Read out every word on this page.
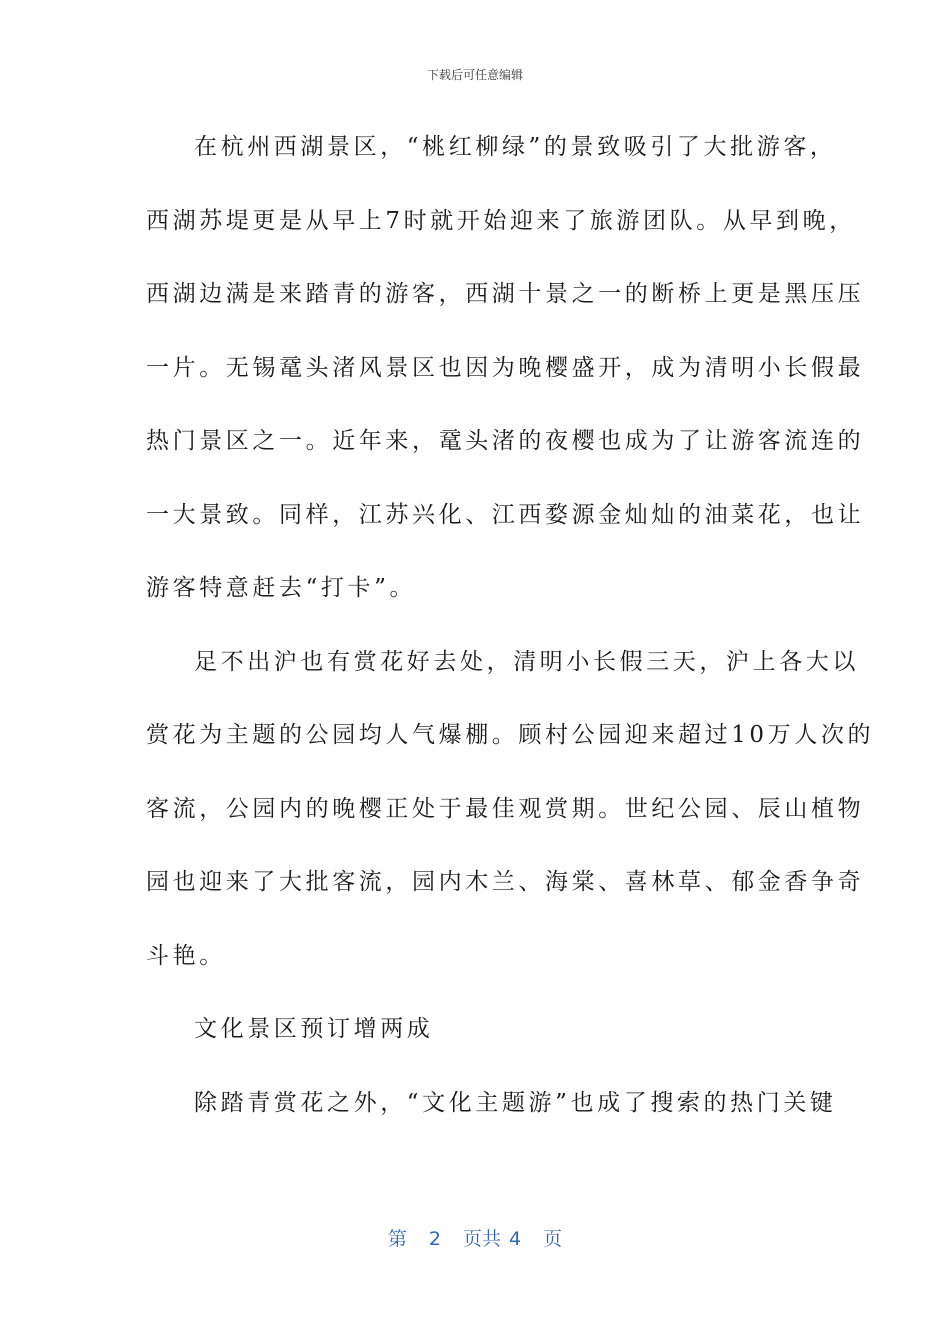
下载后可任意编辑
在杭州西湖景区，“桃红柳绿”的景致吸引了大批游客，
西湖苏堤更是从早上7时就开始迎来了旅游团队。从早到晚，
西湖边满是来踏青的游客，西湖十景之一的断桥上更是黑压压
一片。无锡鼋头渚风景区也因为晚樱盛开，成为清明小长假最
热门景区之一。近年来，鼋头渚的夜樱也成为了让游客流连的
一大景致。同样，江苏兴化、江西婺源金灿灿的油菜花，也让
游客特意赶去“打卡”。
足不出沪也有赏花好去处，清明小长假三天，沪上各大以
赏花为主题的公园均人气爆棚。顾村公园迎来超过10万人次的
客流，公园内的晚樱正处于最佳观赏期。世纪公园、辰山植物
园也迎来了大批客流，园内木兰、海棠、喜林草、郁金香争奇
斗艳。
文化景区预订增两成
除踏青赏花之外，“文化主题游”也成了搜索的热门关键
第 2 页共 4 页
